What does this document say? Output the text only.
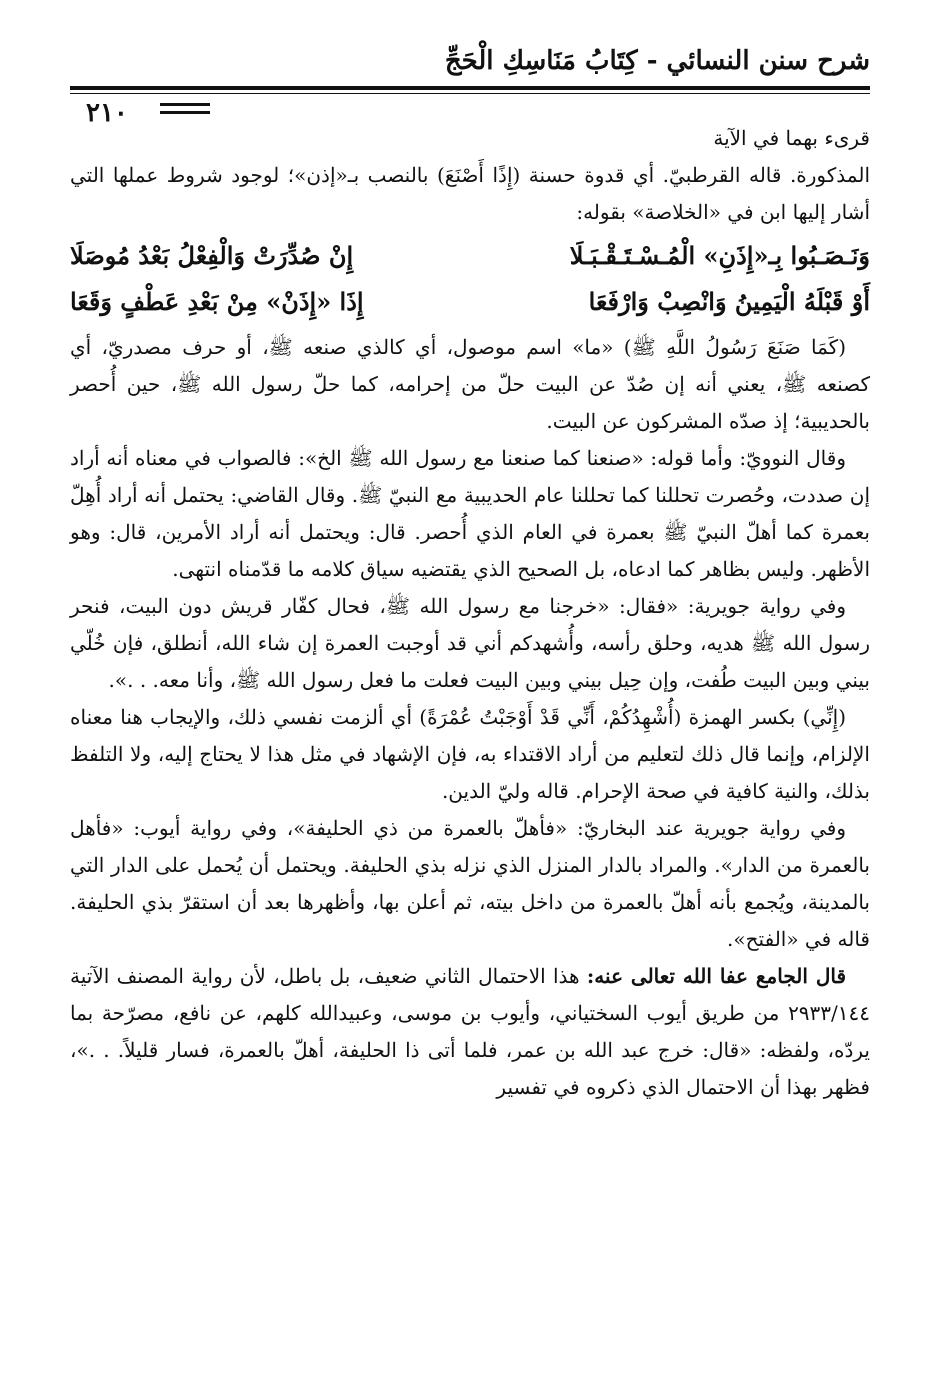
شرح سنن النسائي - كِتَابُ مَنَاسِكِ الْحَجِّ
٢١٠

قرىء بهما في الآية

المذكورة. قاله القرطبيّ. أي قدوة حسنة (إِذًا أَصْنَعَ) بالنصب بـ«إذن»؛ لوجود شروط عملها التي أشار إليها ابن في «الخلاصة» بقوله:

وَنَـصَـبُوا بِـ«إِذَنِ» الْمُـسْـتَـقْـبَـلَا
إِنْ صُدِّرَتْ وَالْفِعْلُ بَعْدُ مُوصَلَا
أَوْ قَبْلَهُ الْيَمِينُ وَانْصِبْ وَارْفَعَا
إِذَا «إِذَنْ» مِنْ بَعْدِ عَطْفٍ وَقَعَا

(كَمَا صَنَعَ رَسُولُ اللَّهِ ﷺ) «ما» اسم موصول، أي كالذي صنعه ﷺ، أو حرف مصدريّ، أي كصنعه ﷺ، يعني أنه إن صُدّ عن البيت حلّ من إحرامه، كما حلّ رسول الله ﷺ، حين أُحصر بالحديبية؛ إذ صدّه المشركون عن البيت.

وقال النوويّ: وأما قوله: «صنعنا كما صنعنا مع رسول الله ﷺ الخ»: فالصواب في معناه أنه أراد إن صددت، وحُصرت تحللنا كما تحللنا عام الحديبية مع النبيّ ﷺ. وقال القاضي: يحتمل أنه أراد أُهِلّ بعمرة كما أهلّ النبيّ ﷺ بعمرة في العام الذي أُحصر. قال: ويحتمل أنه أراد الأمرين، قال: وهو الأظهر. وليس بظاهر كما ادعاه، بل الصحيح الذي يقتضيه سياق كلامه ما قدّمناه انتهى.

وفي رواية جويرية: «فقال: «خرجنا مع رسول الله ﷺ، فحال كفّار قريش دون البيت، فنحر رسول الله ﷺ هديه، وحلق رأسه، وأُشهدكم أني قد أوجبت العمرة إن شاء الله، أنطلق، فإن خُلّي بيني وبين البيت طُفت، وإن حِيل بيني وبين البيت فعلت ما فعل رسول الله ﷺ، وأنا معه. . .».

(إِنِّي) بكسر الهمزة (أُشْهِدُكُمْ، أَنِّي قَدْ أَوْجَبْتُ عُمْرَةً) أي ألزمت نفسي ذلك، والإيجاب هنا معناه الإلزام، وإنما قال ذلك لتعليم من أراد الاقتداء به، فإن الإشهاد في مثل هذا لا يحتاج إليه، ولا التلفظ بذلك، والنية كافية في صحة الإحرام. قاله وليّ الدين.

وفي رواية جويرية عند البخاريّ: «فأهلّ بالعمرة من ذي الحليفة»، وفي رواية أيوب: «فأهل بالعمرة من الدار». والمراد بالدار المنزل الذي نزله بذي الحليفة. ويحتمل أن يُحمل على الدار التي بالمدينة، ويُجمع بأنه أهلّ بالعمرة من داخل بيته، ثم أعلن بها، وأظهرها بعد أن استقرّ بذي الحليفة. قاله في «الفتح».

قال الجامع عفا الله تعالى عنه: هذا الاحتمال الثاني ضعيف، بل باطل، لأن رواية المصنف الآتية ٢٩٣٣/١٤٤ من طريق أيوب السختياني، وأيوب بن موسى، وعبيدالله كلهم، عن نافع، مصرّحة بما يردّه، ولفظه: «قال: خرج عبد الله بن عمر، فلما أتى ذا الحليفة، أهلّ بالعمرة، فسار قليلاً. . .»، فظهر بهذا أن الاحتمال الذي ذكروه في تفسير
